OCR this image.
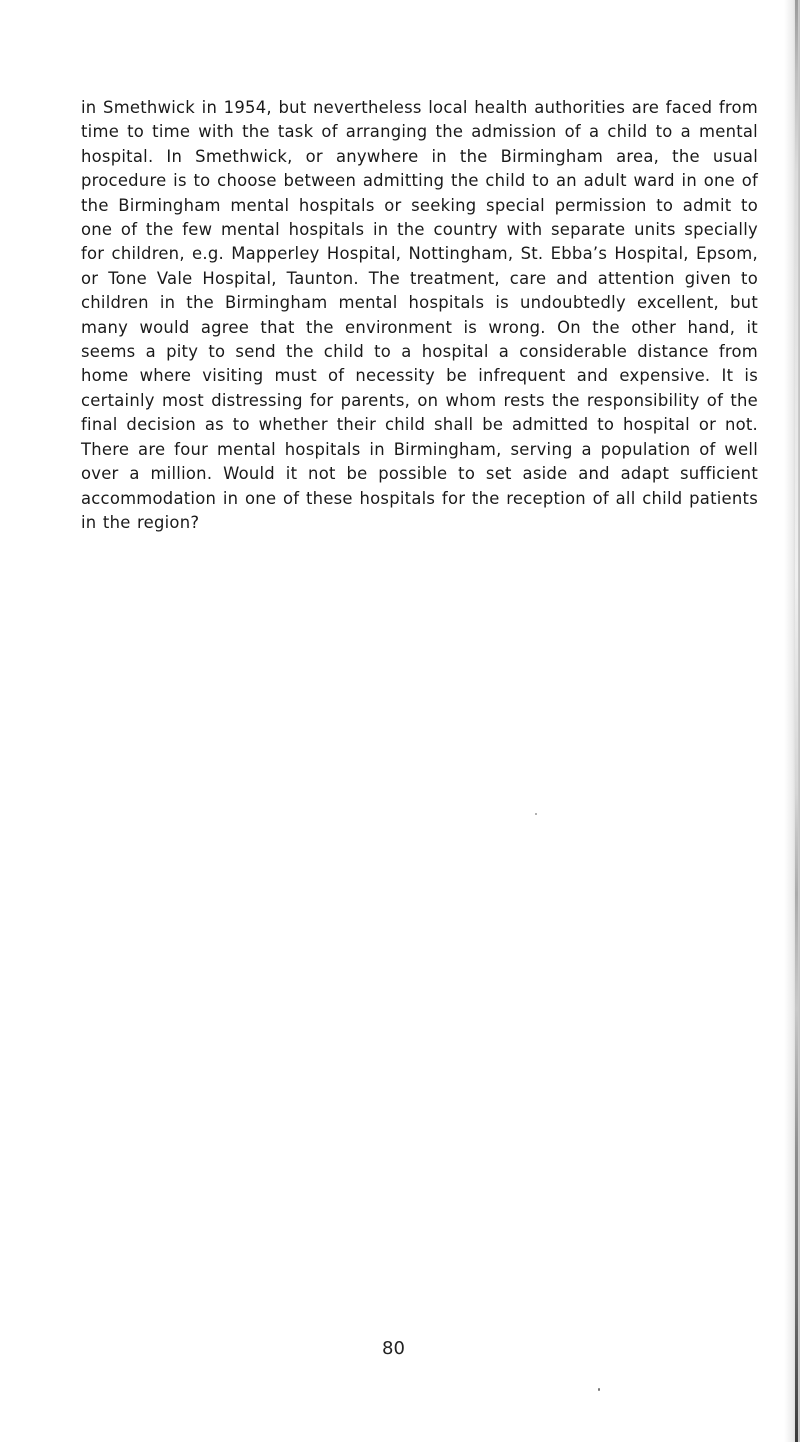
in Smethwick in 1954, but nevertheless local health authorities are faced from time to time with the task of arranging the admission of a child to a mental hospital. In Smethwick, or anywhere in the Birmingham area, the usual procedure is to choose between admitting the child to an adult ward in one of the Birmingham mental hospitals or seeking special permission to admit to one of the few mental hospitals in the country with separate units specially for children, e.g. Mapperley Hospital, Nottingham, St. Ebba’s Hospital, Epsom, or Tone Vale Hospital, Taunton. The treatment, care and attention given to children in the Birmingham mental hospitals is undoubtedly excellent, but many would agree that the environment is wrong. On the other hand, it seems a pity to send the child to a hospital a considerable distance from home where visiting must of necessity be infrequent and expensive. It is certainly most distressing for parents, on whom rests the responsibility of the final decision as to whether their child shall be admitted to hospital or not. There are four mental hospitals in Birmingham, serving a population of well over a million. Would it not be possible to set aside and adapt sufficient accommodation in one of these hospitals for the reception of all child patients in the region?

80
